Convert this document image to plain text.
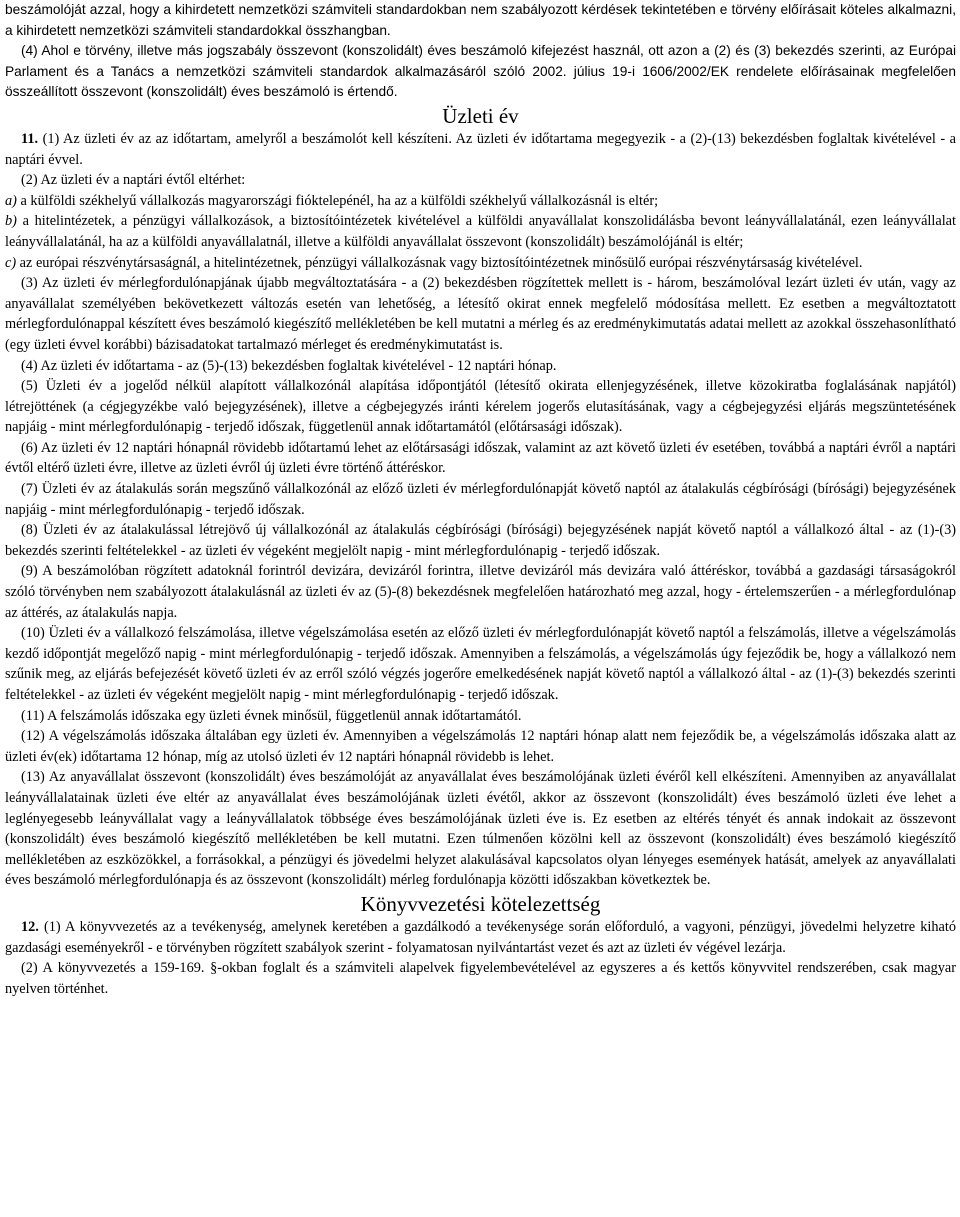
beszámolóját azzal, hogy a kihirdetett nemzetközi számviteli standardokban nem szabályozott kérdések tekintetében e törvény előírásait köteles alkalmazni, a kihirdetett nemzetközi számviteli standardokkal összhangban.

(4) Ahol e törvény, illetve más jogszabály összevont (konszolidált) éves beszámoló kifejezést használ, ott azon a (2) és (3) bekezdés szerinti, az Európai Parlament és a Tanács a nemzetközi számviteli standardok alkalmazásáról szóló 2002. július 19-i 1606/2002/EK rendelete előírásainak megfelelően összeállított összevont (konszolidált) éves beszámoló is értendő.

Üzleti év

11. (1) Az üzleti év az az időtartam, amelyről a beszámolót kell készíteni. Az üzleti év időtartama megegyezik - a (2)-(13) bekezdésben foglaltak kivételével - a naptári évvel.

(2) Az üzleti év a naptári évtől eltérhet:

a) a külföldi székhelyű vállalkozás magyarországi fióktelepénél, ha az a külföldi székhelyű vállalkozásnál is eltér;

b) a hitelintézetek, a pénzügyi vállalkozások, a biztosítóintézetek kivételével a külföldi anyavállalat konszolidálásba bevont leányvállalatánál, ezen leányvállalat leányvállalatánál, ha az a külföldi anyavállalatnál, illetve a külföldi anyavállalat összevont (konszolidált) beszámolójánál is eltér;

c) az európai részvénytársaságnál, a hitelintézetnek, pénzügyi vállalkozásnak vagy biztosítóintézetnek minősülő európai részvénytársaság kivételével.

(3) Az üzleti év mérlegfordulónapjának újabb megváltoztatására - a (2) bekezdésben rögzítettek mellett is - három, beszámolóval lezárt üzleti év után, vagy az anyavállalat személyében bekövetkezett változás esetén van lehetőség, a létesítő okirat ennek megfelelő módosítása mellett. Ez esetben a megváltoztatott mérlegfordulónappal készített éves beszámoló kiegészítő mellékletében be kell mutatni a mérleg és az eredménykimutatás adatai mellett az azokkal összehasonlítható (egy üzleti évvel korábbi) bázisadatokat tartalmazó mérleget és eredménykimutatást is.

(4) Az üzleti év időtartama - az (5)-(13) bekezdésben foglaltak kivételével - 12 naptári hónap.

(5) Üzleti év a jogelőd nélkül alapított vállalkozónál alapítása időpontjától (létesítő okirata ellenjegyzésének, illetve közokiratba foglalásának napjától) létrejöttének (a cégjegyzékbe való bejegyzésének), illetve a cégbejegyzés iránti kérelem jogerős elutasításának, vagy a cégbejegyzési eljárás megszüntetésének napjáig - mint mérlegfordulónapig - terjedő időszak, függetlenül annak időtartamától (előtársasági időszak).

(6) Az üzleti év 12 naptári hónapnál rövidebb időtartamú lehet az előtársasági időszak, valamint az azt követő üzleti év esetében, továbbá a naptári évről a naptári évtől eltérő üzleti évre, illetve az üzleti évről új üzleti évre történő áttéréskor.

(7) Üzleti év az átalakulás során megszűnő vállalkozónál az előző üzleti év mérlegfordulónapját követő naptól az átalakulás cégbírósági (bírósági) bejegyzésének napjáig - mint mérlegfordulónapig - terjedő időszak.

(8) Üzleti év az átalakulással létrejövő új vállalkozónál az átalakulás cégbírósági (bírósági) bejegyzésének napját követő naptól a vállalkozó által - az (1)-(3) bekezdés szerinti feltételekkel - az üzleti év végeként megjelölt napig - mint mérlegfordulónapig - terjedő időszak.

(9) A beszámolóban rögzített adatoknál forintról devizára, devizáról forintra, illetve devizáról más devizára való áttéréskor, továbbá a gazdasági társaságokról szóló törvényben nem szabályozott átalakulásnál az üzleti év az (5)-(8) bekezdésnek megfelelően határozható meg azzal, hogy - értelemszerűen - a mérlegfordulónap az áttérés, az átalakulás napja.

(10) Üzleti év a vállalkozó felszámolása, illetve végelszámolása esetén az előző üzleti év mérlegfordulónapját követő naptól a felszámolás, illetve a végelszámolás kezdő időpontját megelőző napig - mint mérlegfordulónapig - terjedő időszak. Amennyiben a felszámolás, a végelszámolás úgy fejeződik be, hogy a vállalkozó nem szűnik meg, az eljárás befejezését követő üzleti év az erről szóló végzés jogerőre emelkedésének napját követő naptól a vállalkozó által - az (1)-(3) bekezdés szerinti feltételekkel - az üzleti év végeként megjelölt napig - mint mérlegfordulónapig - terjedő időszak.

(11) A felszámolás időszaka egy üzleti évnek minősül, függetlenül annak időtartamától.

(12) A végelszámolás időszaka általában egy üzleti év. Amennyiben a végelszámolás 12 naptári hónap alatt nem fejeződik be, a végelszámolás időszaka alatt az üzleti év(ek) időtartama 12 hónap, míg az utolsó üzleti év 12 naptári hónapnál rövidebb is lehet.

(13) Az anyavállalat összevont (konszolidált) éves beszámolóját az anyavállalat éves beszámolójának üzleti évéről kell elkészíteni. Amennyiben az anyavállalat leányvállalatainak üzleti éve eltér az anyavállalat éves beszámolójának üzleti évétől, akkor az összevont (konszolidált) éves beszámoló üzleti éve lehet a leglényegesebb leányvállalat vagy a leányvállalatok többsége éves beszámolójának üzleti éve is. Ez esetben az eltérés tényét és annak indokait az összevont (konszolidált) éves beszámoló kiegészítő mellékletében be kell mutatni. Ezen túlmenően közölni kell az összevont (konszolidált) éves beszámoló kiegészítő mellékletében az eszközökkel, a forrásokkal, a pénzügyi és jövedelmi helyzet alakulásával kapcsolatos olyan lényeges események hatását, amelyek az anyavállalati éves beszámoló mérlegfordulónapja és az összevont (konszolidált) mérleg fordulónapja közötti időszakban következtek be.

Könyvvezetési kötelezettség

12. (1) A könyvvezetés az a tevékenység, amelynek keretében a gazdálkodó a tevékenysége során előforduló, a vagyoni, pénzügyi, jövedelmi helyzetre kiható gazdasági eseményekről - e törvényben rögzített szabályok szerint - folyamatosan nyilvántartást vezet és azt az üzleti év végével lezárja.

(2) A könyvvezetés a 159-169. §-okban foglalt és a számviteli alapelvek figyelembevételével az egyszeres a és kettős könyvvitel rendszerében, csak magyar nyelven történhet.
